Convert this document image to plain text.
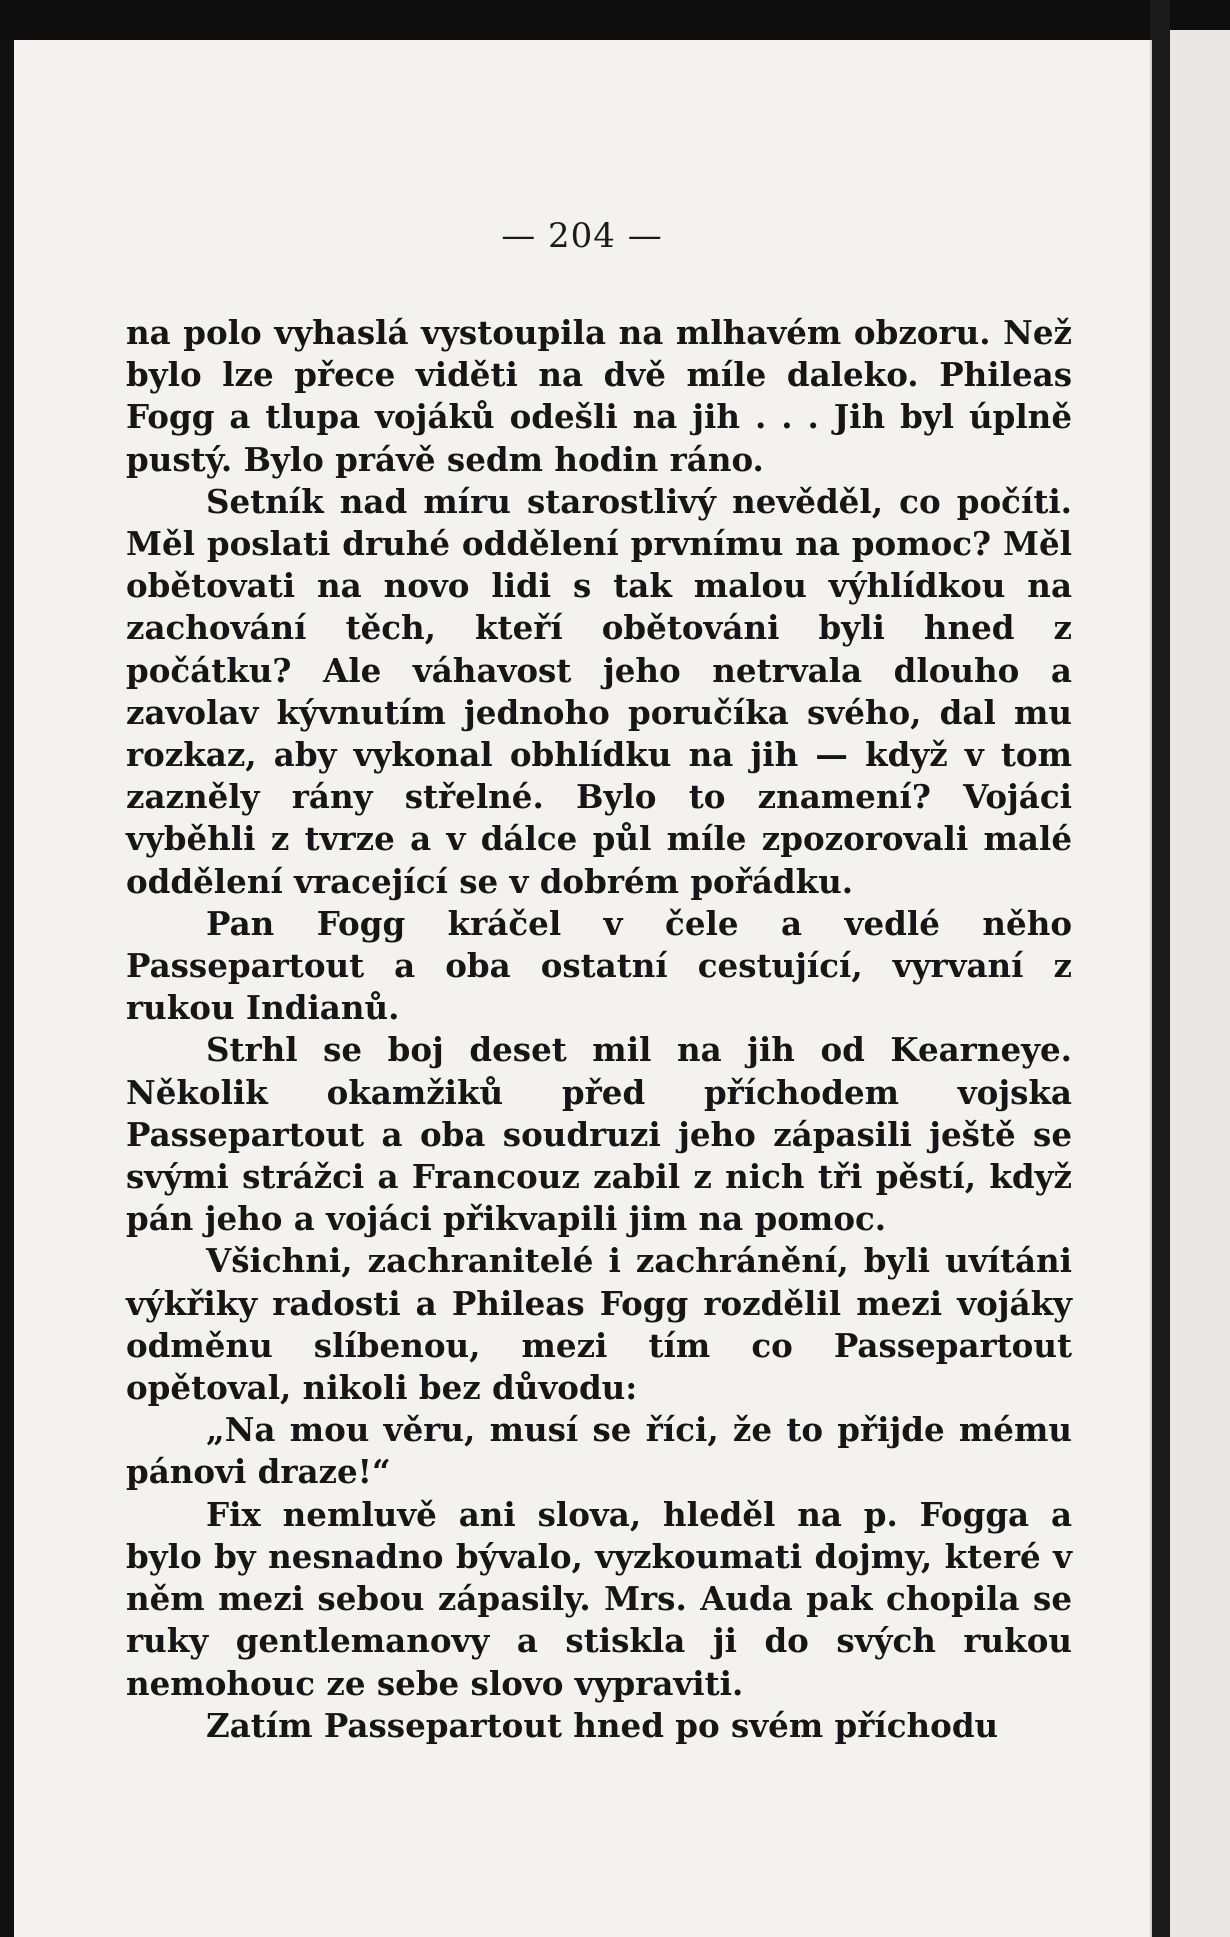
— 204 —

na polo vyhaslá vystoupila na mlhavém obzoru. Než bylo lze přece viděti na dvě míle daleko. Phileas Fogg a tlupa vojáků odešli na jih . . . Jih byl úplně pustý. Bylo právě sedm hodin ráno.

Setník nad míru starostlivý nevěděl, co počíti. Měl poslati druhé oddělení prvnímu na pomoc? Měl obětovati na novo lidi s tak malou výhlídkou na zachování těch, kteří obětováni byli hned z počátku? Ale váhavost jeho netrvala dlouho a zavolav kývnutím jednoho poručíka svého, dal mu rozkaz, aby vykonal obhlídku na jih — když v tom zazněly rány střelné. Bylo to znamení? Vojáci vyběhli z tvrze a v dálce půl míle zpozorovali malé oddělení vracející se v dobrém pořádku.

Pan Fogg kráčel v čele a vedlé něho Passepartout a oba ostatní cestující, vyrvaní z rukou Indianů.

Strhl se boj deset mil na jih od Kearneye. Několik okamžiků před příchodem vojska Passepartout a oba soudruzi jeho zápasili ještě se svými strážci a Francouz zabil z nich tři pěstí, když pán jeho a vojáci přikvapili jim na pomoc.

Všichni, zachranitelé i zachránění, byli uvítáni výkřiky radosti a Phileas Fogg rozdělil mezi vojáky odměnu slíbenou, mezi tím co Passepartout opětoval, nikoli bez důvodu:

„Na mou věru, musí se říci, že to přijde mému pánovi draze!“

Fix nemluvě ani slova, hleděl na p. Fogga a bylo by nesnadno bývalo, vyzkoumati dojmy, které v něm mezi sebou zápasily. Mrs. Auda pak chopila se ruky gentlemanovy a stiskla ji do svých rukou nemohouc ze sebe slovo vypraviti.

Zatím Passepartout hned po svém příchodu
